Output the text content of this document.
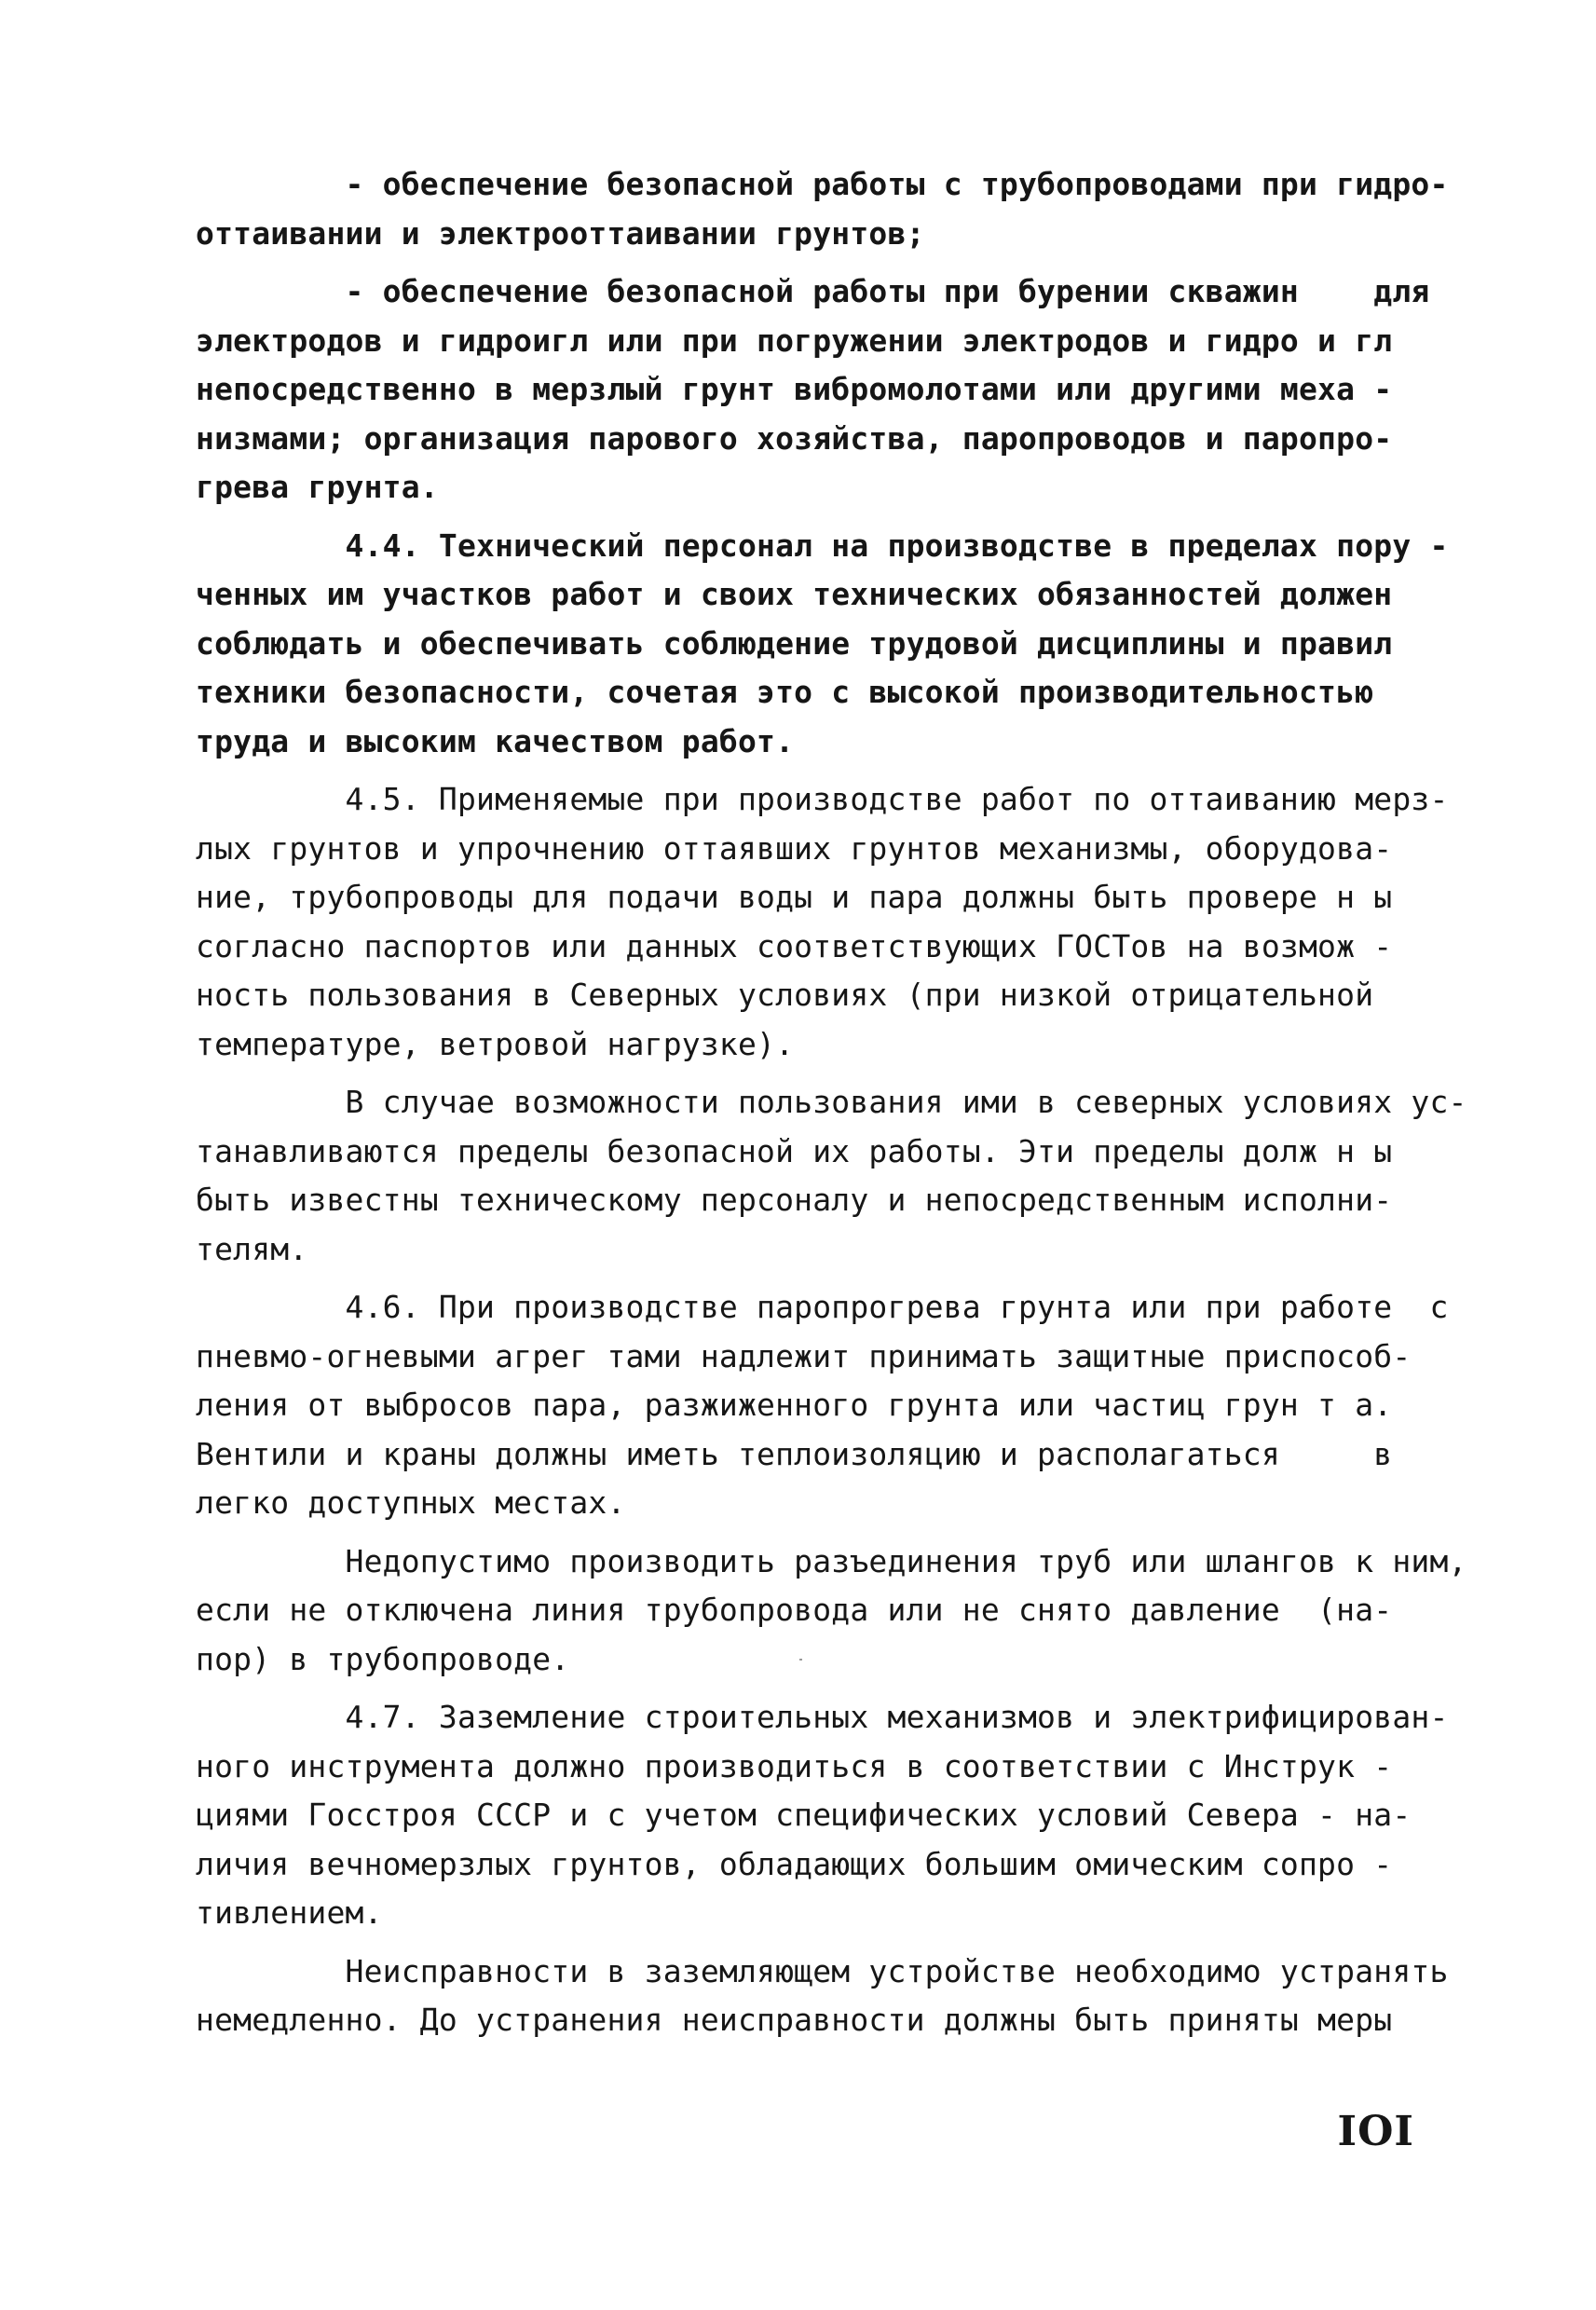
- обеспечение безопасной работы с трубопроводами при гидро-
оттаивании и электрооттаивании грунтов;
- обеспечение безопасной работы при бурении скважин    для
электродов и гидроигл или при погружении электродов и гидро и гл
непосредственно в мерзлый грунт вибромолотами или другими меха -
низмами; организация парового хозяйства, паропроводов и паропро-
грева грунта.
4.4. Технический персонал на производстве в пределах пору -
ченных им участков работ и своих технических обязанностей должен
соблюдать и обеспечивать соблюдение трудовой дисциплины и правил
техники безопасности, сочетая это с высокой производительностью
труда и высоким качеством работ.
4.5. Применяемые при производстве работ по оттаиванию мерз-
лых грунтов и упрочнению оттаявших грунтов механизмы, оборудова-
ние, трубопроводы для подачи воды и пара должны быть провере н ы
согласно паспортов или данных соответствующих ГОСТов на возмож -
ность пользования в Северных условиях (при низкой отрицательной
температуре, ветровой нагрузке).
В случае возможности пользования ими в северных условиях ус-
танавливаются пределы безопасной их работы. Эти пределы долж н ы
быть известны техническому персоналу и непосредственным исполни-
телям.
4.6. При производстве паропрогрева грунта или при работе  с
пневмо-огневыми агрег тами надлежит принимать защитные приспособ-
ления от выбросов пара, разжиженного грунта или частиц грун т а.
Вентили и краны должны иметь теплоизоляцию и располагаться     в
легко доступных местах.
Недопустимо производить разъединения труб или шлангов к ним,
если не отключена линия трубопровода или не снято давление  (на-
пор) в трубопроводе.
4.7. Заземление строительных механизмов и электрифицирован-
ного инструмента должно производиться в соответствии с Инструк -
циями Госстроя СССР и с учетом специфических условий Севера - на-
личия вечномерзлых грунтов, обладающих большим омическим сопро -
тивлением.
Неисправности в заземляющем устройстве необходимо устранять
немедленно. До устранения неисправности должны быть приняты меры
IOI
